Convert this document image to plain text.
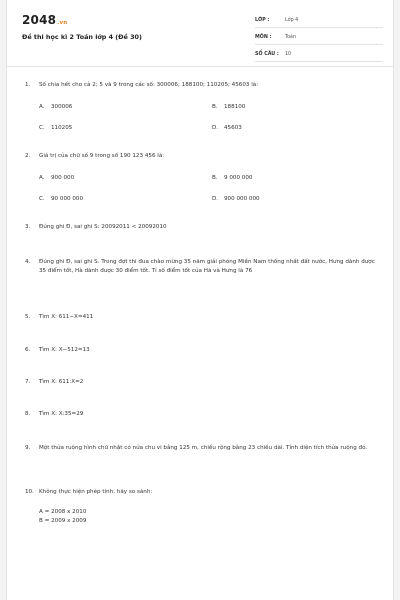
2048.vn
Đề thi học kì 2 Toán lớp 4 (Đề 30)
LỚP :	Lớp 4
MÔN :	Toán
SỐ CÂU :	10
1.	Số chia hết cho cả 2; 5 và 9 trong các số: 300006; 188100; 110205; 45603 là:
A. 300006	B. 188100
C. 110205	D. 45603
2.	Giá trị của chữ số 9 trong số 190 123 456 là:
A. 900 000	B. 9 000 000
C. 90 000 000	D. 900 000 000
3.	Đúng ghi Đ, sai ghi S: 20092011 < 20092010
4.	Đúng ghi Đ, sai ghi S. Trong đợt thi đua chào mừng 35 năm giải phóng Miền Nam thống nhất đất nước, Hưng dành được 35 điểm tốt, Hà dành được 30 điểm tốt. Tỉ số điểm tốt của Hà và Hưng là 76
5.	Tìm X: 611−X=411
6.	Tìm X: X−512=13
7.	Tìm X: 611:X=2
8.	Tìm X: X:35=29
9.	Một thửa ruộng hình chữ nhật có nửa chu vi bằng 125 m, chiều rộng bằng 23 chiều dài. Tính diện tích thửa ruộng đó.
10. Không thực hiện phép tính, hãy so sánh:
A = 2008 x 2010
B = 2009 x 2009
